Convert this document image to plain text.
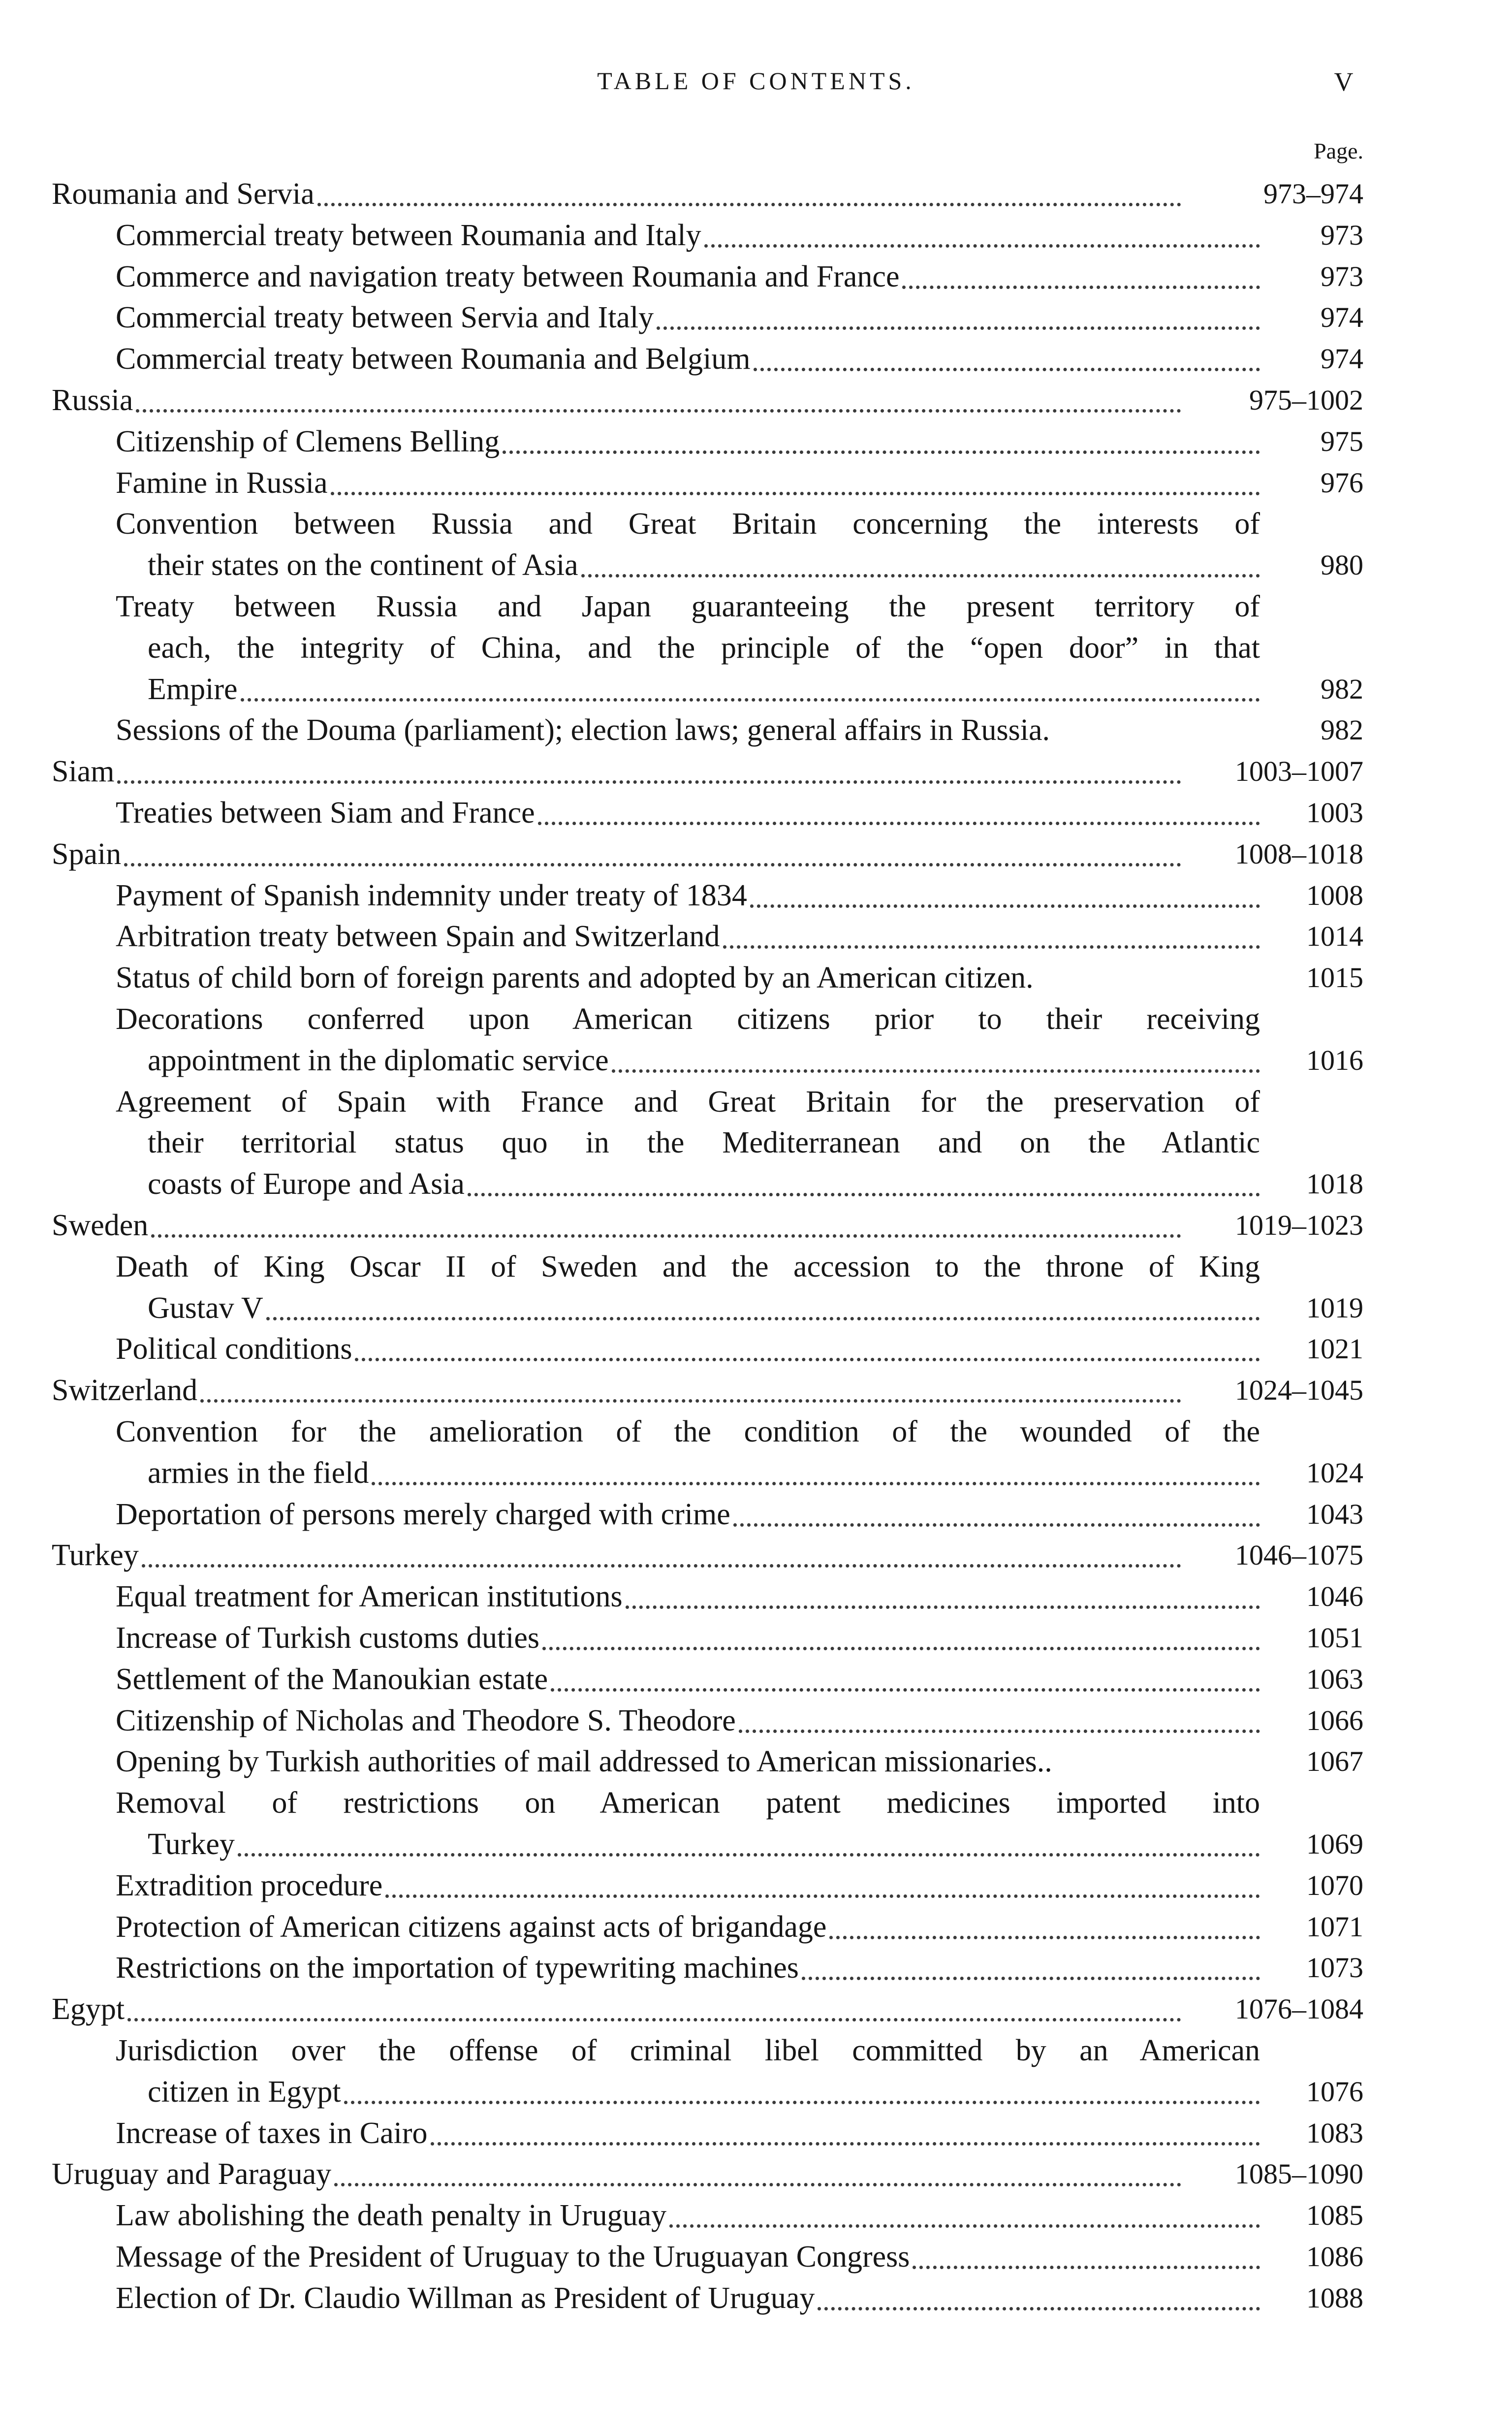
TABLE OF CONTENTS.	V
Page.
Roumania and Servia	973–974
Commercial treaty between Roumania and Italy	973
Commerce and navigation treaty between Roumania and France	973
Commercial treaty between Servia and Italy	974
Commercial treaty between Roumania and Belgium	974
Russia	975–1002
Citizenship of Clemens Belling	975
Famine in Russia	976
Convention between Russia and Great Britain concerning the interests of
their states on the continent of Asia	980
Treaty between Russia and Japan guaranteeing the present territory of
each, the integrity of China, and the principle of the “open door” in that
Empire	982
Sessions of the Douma (parliament); election laws; general affairs in Russia.	982
Siam	1003–1007
Treaties between Siam and France	1003
Spain	1008–1018
Payment of Spanish indemnity under treaty of 1834	1008
Arbitration treaty between Spain and Switzerland	1014
Status of child born of foreign parents and adopted by an American citizen.	1015
Decorations conferred upon American citizens prior to their receiving
appointment in the diplomatic service	1016
Agreement of Spain with France and Great Britain for the preservation of
their territorial status quo in the Mediterranean and on the Atlantic
coasts of Europe and Asia	1018
Sweden	1019–1023
Death of King Oscar II of Sweden and the accession to the throne of King
Gustav V	1019
Political conditions	1021
Switzerland	1024–1045
Convention for the amelioration of the condition of the wounded of the
armies in the field	1024
Deportation of persons merely charged with crime	1043
Turkey	1046–1075
Equal treatment for American institutions	1046
Increase of Turkish customs duties	1051
Settlement of the Manoukian estate	1063
Citizenship of Nicholas and Theodore S. Theodore	1066
Opening by Turkish authorities of mail addressed to American missionaries..	1067
Removal of restrictions on American patent medicines imported into
Turkey	1069
Extradition procedure	1070
Protection of American citizens against acts of brigandage	1071
Restrictions on the importation of typewriting machines	1073
Egypt	1076–1084
Jurisdiction over the offense of criminal libel committed by an American
citizen in Egypt	1076
Increase of taxes in Cairo	1083
Uruguay and Paraguay	1085–1090
Law abolishing the death penalty in Uruguay	1085
Message of the President of Uruguay to the Uruguayan Congress	1086
Election of Dr. Claudio Willman as President of Uruguay	1088
